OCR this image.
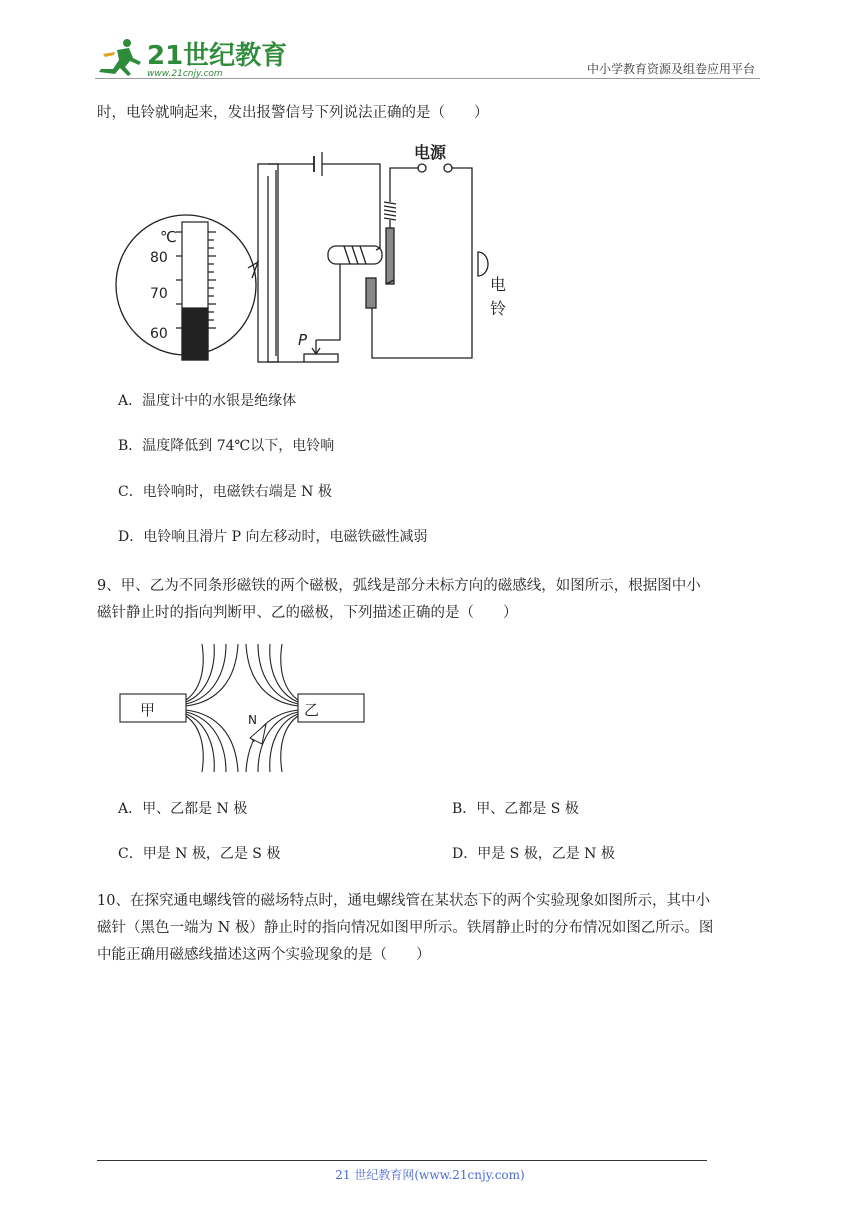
21世纪教育
www.21cnjy.com	中小学教育资源及组卷应用平台
时，电铃就响起来，发出报警信号下列说法正确的是（　　）
℃
80
70
60
电源
电
铃
P
A．温度计中的水银是绝缘体
B．温度降低到 74℃以下，电铃响
C．电铃响时，电磁铁右端是 N 极
D．电铃响且滑片 P 向左移动时，电磁铁磁性减弱
9、甲、乙为不同条形磁铁的两个磁极，弧线是部分未标方向的磁感线，如图所示，根据图中小
磁针静止时的指向判断甲、乙的磁极，下列描述正确的是（　　）
甲	乙
N
A．甲、乙都是 N 极	B．甲、乙都是 S 极
C．甲是 N 极，乙是 S 极	D．甲是 S 极，乙是 N 极
10、在探究通电螺线管的磁场特点时，通电螺线管在某状态下的两个实验现象如图所示，其中小
磁针（黑色一端为 N 极）静止时的指向情况如图甲所示。铁屑静止时的分布情况如图乙所示。图
中能正确用磁感线描述这两个实验现象的是（　　）
21 世纪教育网(www.21cnjy.com)
